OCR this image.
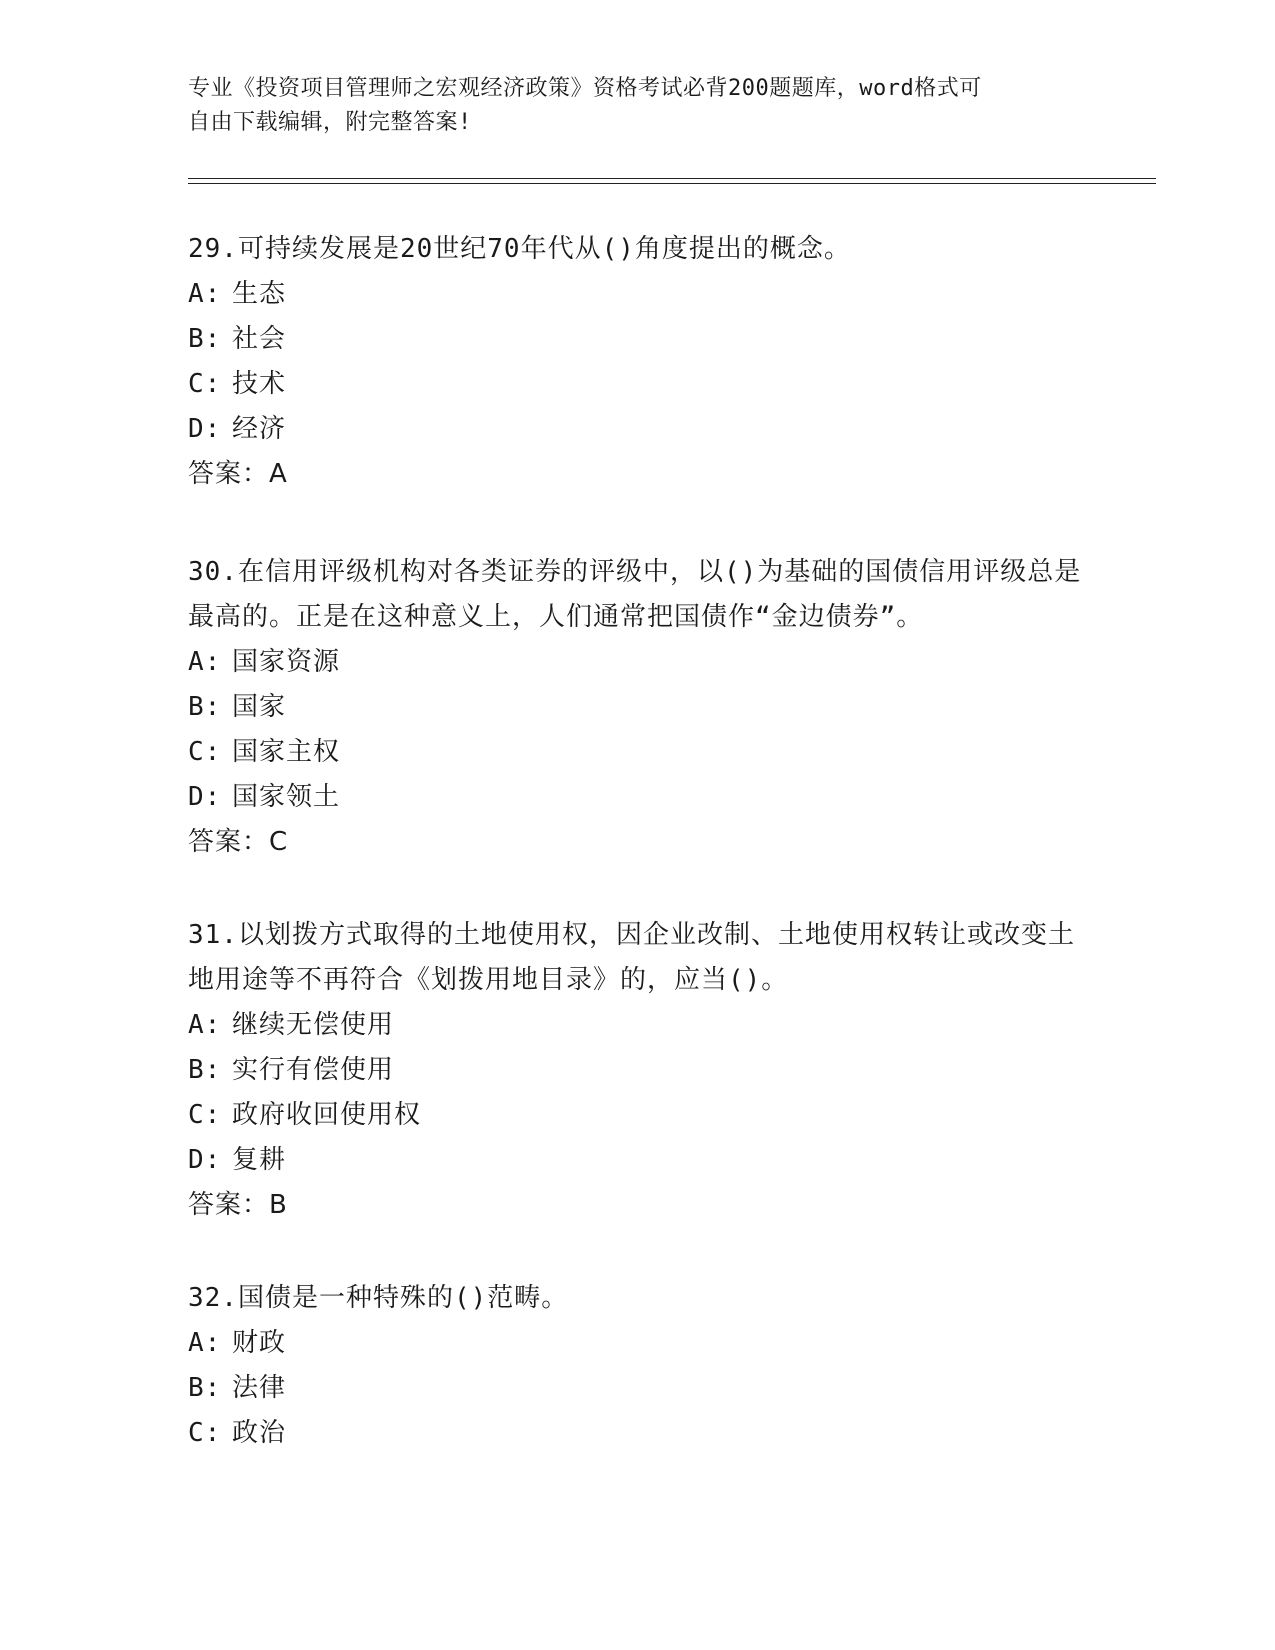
专业《投资项目管理师之宏观经济政策》资格考试必背200题题库，word格式可
自由下载编辑，附完整答案!
29.可持续发展是20世纪70年代从()角度提出的概念。
A: 生态
B: 社会
C: 技术
D: 经济
答案：A
30.在信用评级机构对各类证券的评级中，以()为基础的国债信用评级总是最高的。正是在这种意义上，人们通常把国债作“金边债券”。
A: 国家资源
B: 国家
C: 国家主权
D: 国家领土
答案：C
31.以划拨方式取得的土地使用权，因企业改制、土地使用权转让或改变土地用途等不再符合《划拨用地目录》的，应当()。
A: 继续无偿使用
B: 实行有偿使用
C: 政府收回使用权
D: 复耕
答案：B
32.国债是一种特殊的()范畴。
A: 财政
B: 法律
C: 政治
